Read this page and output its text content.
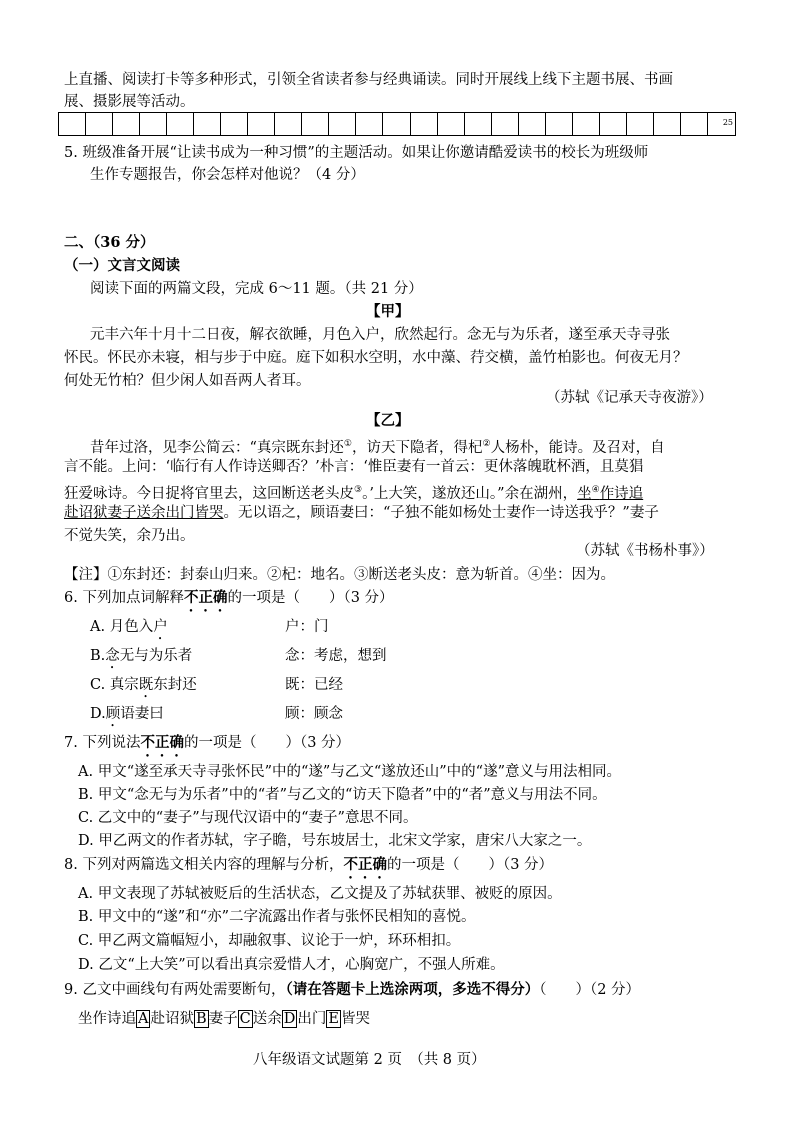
上直播、阅读打卡等多种形式，引领全省读者参与经典诵读。同时开展线上线下主题书展、书画
展、摄影展等活动。
25
5. 班级准备开展“让读书成为一种习惯”的主题活动。如果让你邀请酷爱读书的校长为班级师
生作专题报告，你会怎样对他说？（4 分）
二、（36 分）
（一）文言文阅读
阅读下面的两篇文段，完成 6～11 题。（共 21 分）
【甲】
元丰六年十月十二日夜，解衣欲睡，月色入户，欣然起行。念无与为乐者，遂至承天寺寻张
怀民。怀民亦未寝，相与步于中庭。庭下如积水空明，水中藻、荇交横，盖竹柏影也。何夜无月？
何处无竹柏？但少闲人如吾两人者耳。
（苏轼《记承天寺夜游》）
【乙】
昔年过洛，见李公简云：“真宗既东封还①，访天下隐者，得杞②人杨朴，能诗。及召对，自
言不能。上问：‘临行有人作诗送卿否？’朴言：‘惟臣妻有一首云：更休落魄耽杯酒，且莫猖
狂爱咏诗。今日捉将官里去，这回断送老头皮③。’上大笑，遂放还山。”余在湖州，坐④作诗追
赴诏狱妻子送余出门皆哭。无以语之，顾语妻曰：“子独不能如杨处士妻作一诗送我乎？”妻子
不觉失笑，余乃出。
（苏轼《书杨朴事》）
【注】①东封还：封泰山归来。②杞：地名。③断送老头皮：意为斩首。④坐：因为。
6. 下列加点词解释不正确的一项是（　　）（3 分）
A. 月色入户	户：门
B.念无与为乐者	念：考虑，想到
C. 真宗既东封还	既：已经
D.顾语妻曰	顾：顾念
7. 下列说法不正确的一项是（　　）（3 分）
A. 甲文“遂至承天寺寻张怀民”中的“遂”与乙文“遂放还山”中的“遂”意义与用法相同。
B. 甲文“念无与为乐者”中的“者”与乙文的“访天下隐者”中的“者”意义与用法不同。
C. 乙文中的“妻子”与现代汉语中的“妻子”意思不同。
D. 甲乙两文的作者苏轼，字子瞻，号东坡居士，北宋文学家，唐宋八大家之一。
8. 下列对两篇选文相关内容的理解与分析，不正确的一项是（　　）（3 分）
A. 甲文表现了苏轼被贬后的生活状态，乙文提及了苏轼获罪、被贬的原因。
B. 甲文中的“遂”和“亦”二字流露出作者与张怀民相知的喜悦。
C. 甲乙两文篇幅短小，却融叙事、议论于一炉，环环相扣。
D. 乙文“上大笑”可以看出真宗爱惜人才，心胸宽广，不强人所难。
9. 乙文中画线句有两处需要断句，（请在答题卡上选涂两项，多选不得分）（　　）（2 分）
坐作诗追 A 赴诏狱 B 妻子 C 送余 D 出门 E 皆哭
八年级语文试题第 2 页　（共 8 页）
